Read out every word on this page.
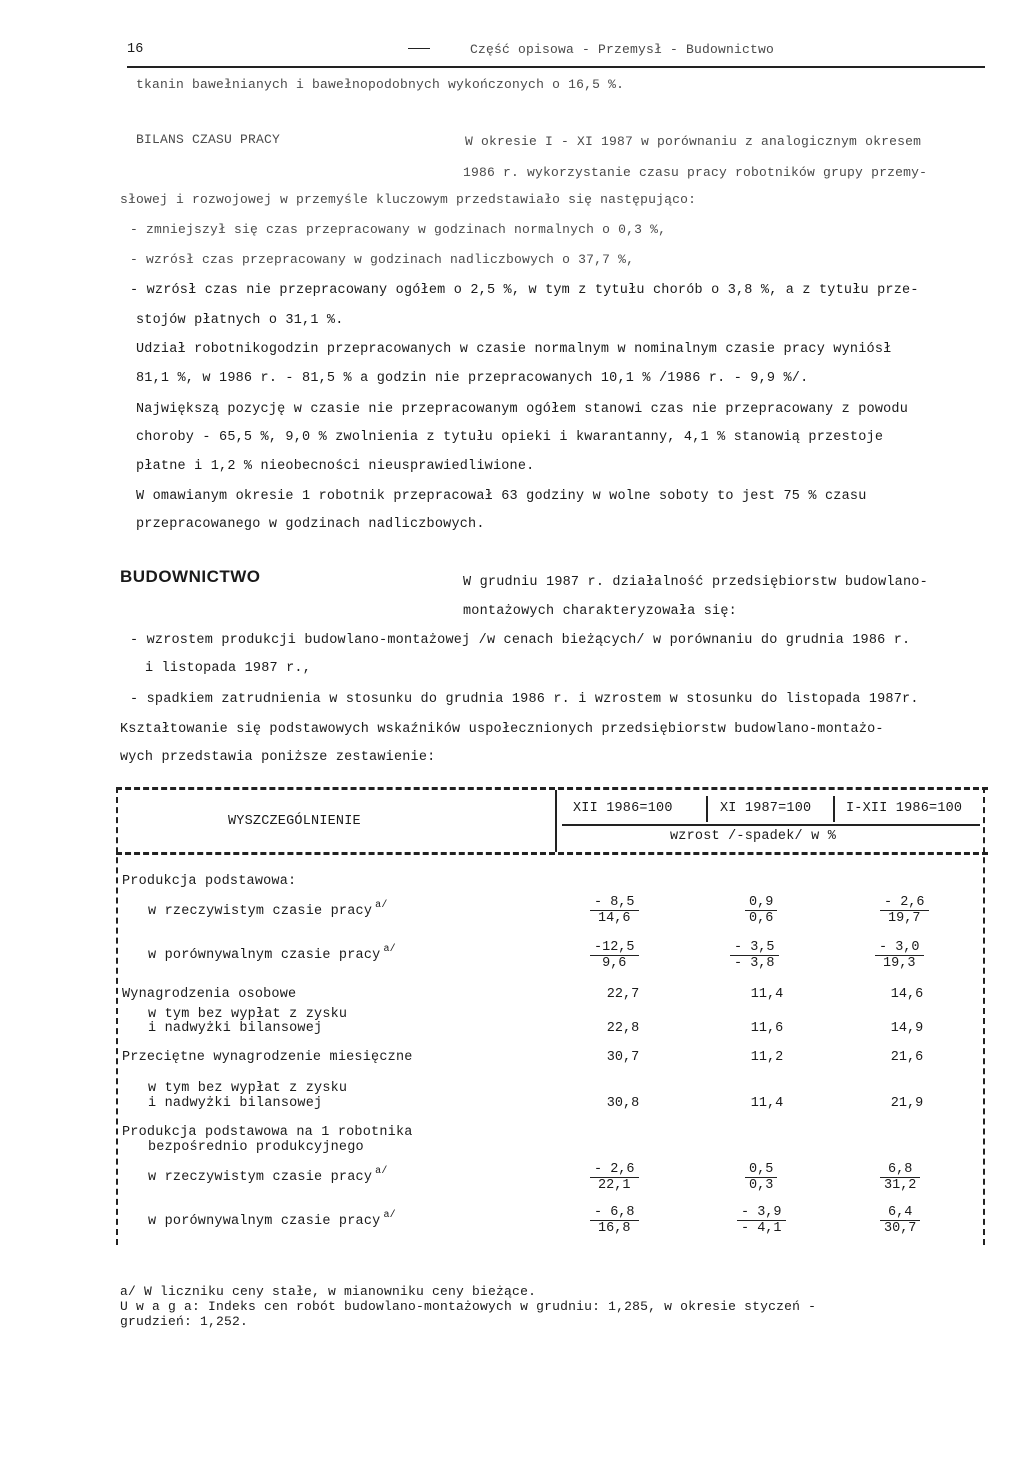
16	Część opisowa - Przemysł - Budownictwo
tkanin bawełnianych i bawełnopodobnych wykończonych o 16,5 %.
BILANS CZASU PRACY	W okresie I - XI 1987 w porównaniu z analogicznym okresem
1986 r. wykorzystanie czasu pracy robotników grupy przemy-
słowej i rozwojowej w przemyśle kluczowym przedstawiało się następująco:
- zmniejszył się czas przepracowany w godzinach normalnych o 0,3 %,
- wzrósł czas przepracowany w godzinach nadliczbowych o 37,7 %,
- wzrósł czas nie przepracowany ogółem o 2,5 %, w tym z tytułu chorób o 3,8 %, a z tytułu prze-
stojów płatnych o 31,1 %.
Udział robotnikogodzin przepracowanych w czasie normalnym w nominalnym czasie pracy wyniósł
81,1 %, w 1986 r. - 81,5 % a godzin nie przepracowanych 10,1 % /1986 r. - 9,9 %/.
Największą pozycję w czasie nie przepracowanym ogółem stanowi czas nie przepracowany z powodu
choroby - 65,5 %, 9,0 % zwolnienia z tytułu opieki i kwarantanny, 4,1 % stanowią przestoje
płatne i 1,2 % nieobecności nieusprawiedliwione.
W omawianym okresie 1 robotnik przepracował 63 godziny w wolne soboty to jest 75 % czasu
przepracowanego w godzinach nadliczbowych.
BUDOWNICTWO	W grudniu 1987 r. działalność przedsiębiorstw budowlano-
montażowych charakteryzowała się:
- wzrostem produkcji budowlano-montażowej /w cenach bieżących/ w porównaniu do grudnia 1986 r.
i listopada 1987 r.,
- spadkiem zatrudnienia w stosunku do grudnia 1986 r. i wzrostem w stosunku do listopada 1987r.
Kształtowanie się podstawowych wskaźników uspołecznionych przedsiębiorstw budowlano-montażo-
wych przedstawia poniższe zestawienie:
WYSZCZEGÓLNIENIE
XII 1986=100	XI 1987=100	I-XII 1986=100
wzrost /-spadek/ w %
Produkcja podstawowa:
w rzeczywistym czasie pracy $^{a/}$	$\frac{- 8,5}{14,6}$	$\frac{0,9}{0,6}$	$\frac{- 2,6}{19,7}$
w porównywalnym czasie pracy $^{a/}$	$\frac{-12,5}{9,6}$	$\frac{- 3,5}{- 3,8}$	$\frac{- 3,0}{19,3}$
Wynagrodzenia osobowe	22,7	11,4	14,6
w tym bez wypłat z zysku
i nadwyżki bilansowej	22,8	11,6	14,9
Przeciętne wynagrodzenie miesięczne	30,7	11,2	21,6
w tym bez wypłat z zysku
i nadwyżki bilansowej	30,8	11,4	21,9
Produkcja podstawowa na 1 robotnika
bezpośrednio produkcyjnego
w rzeczywistym czasie pracy $^{a/}$	$\frac{- 2,6}{22,1}$	$\frac{0,5}{0,3}$	$\frac{6,8}{31,2}$
w porównywalnym czasie pracy $^{a/}$	$\frac{- 6,8}{16,8}$	$\frac{- 3,9}{- 4,1}$	$\frac{6,4}{30,7}$
a/ W liczniku ceny stałe, w mianowniku ceny bieżące.
U w a g a: Indeks cen robót budowlano-montażowych w grudniu: 1,285, w okresie styczeń -
grudzień: 1,252.
